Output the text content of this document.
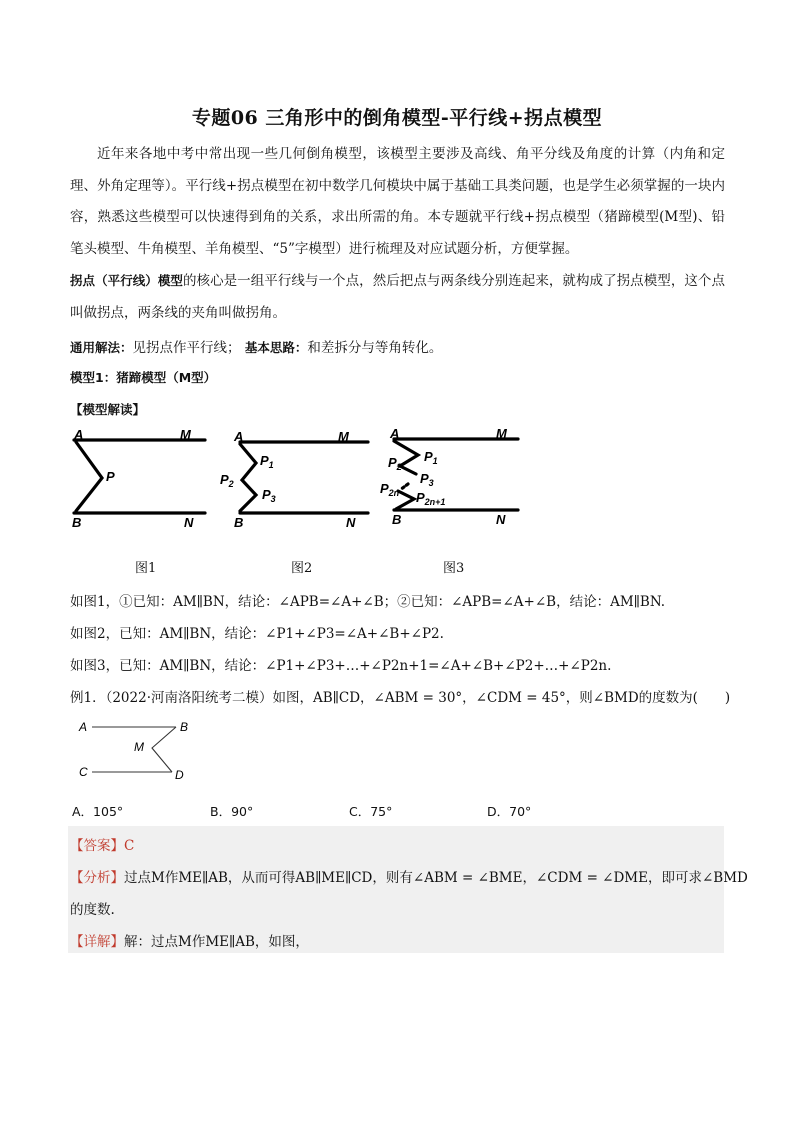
专题06 三角形中的倒角模型-平行线+拐点模型
近年来各地中考中常出现一些几何倒角模型，该模型主要涉及高线、角平分线及角度的计算（内角和定理、外角定理等）。平行线+拐点模型在初中数学几何模块中属于基础工具类问题，也是学生必须掌握的一块内容，熟悉这些模型可以快速得到角的关系，求出所需的角。本专题就平行线+拐点模型（猪蹄模型(M型)、铅笔头模型、牛角模型、羊角模型、“5”字模型）进行梳理及对应试题分析，方便掌握。
拐点（平行线）模型的核心是一组平行线与一个点，然后把点与两条线分别连起来，就构成了拐点模型，这个点叫做拐点，两条线的夹角叫做拐角。
通用解法：见拐点作平行线； 基本思路：和差拆分与等角转化。
模型1：猪蹄模型（M型）
【模型解读】
A	M
P
B	N
A	M
$P_1$
$P_2$
$P_3$
B	N
A	M
$P_1$
$P_2$
$P_3$
$P_{2n}$ $P_{2n+1}$
B	N
图1	图2	图3
如图1，①已知：AM∥BN，结论：∠APB=∠A+∠B；②已知：∠APB=∠A+∠B，结论：AM∥BN.
如图2，已知：AM∥BN，结论：∠P1+∠P3=∠A+∠B+∠P2.
如图3，已知：AM∥BN，结论：∠P1+∠P3+…+∠P2n+1=∠A+∠B+∠P2+…+∠P2n.
例1．（2022·河南洛阳统考二模）如图，AB∥CD，∠ABM = 30°，∠CDM = 45°，则∠BMD的度数为(　　)
A	B
M
C	D
A．105°	B．90°	C．75°	D．70°
【答案】C
【分析】过点M作ME∥AB，从而可得AB∥ME∥CD，则有∠ABM = ∠BME，∠CDM = ∠DME，即可求∠BMD
的度数.
【详解】解：过点M作ME∥AB，如图，
